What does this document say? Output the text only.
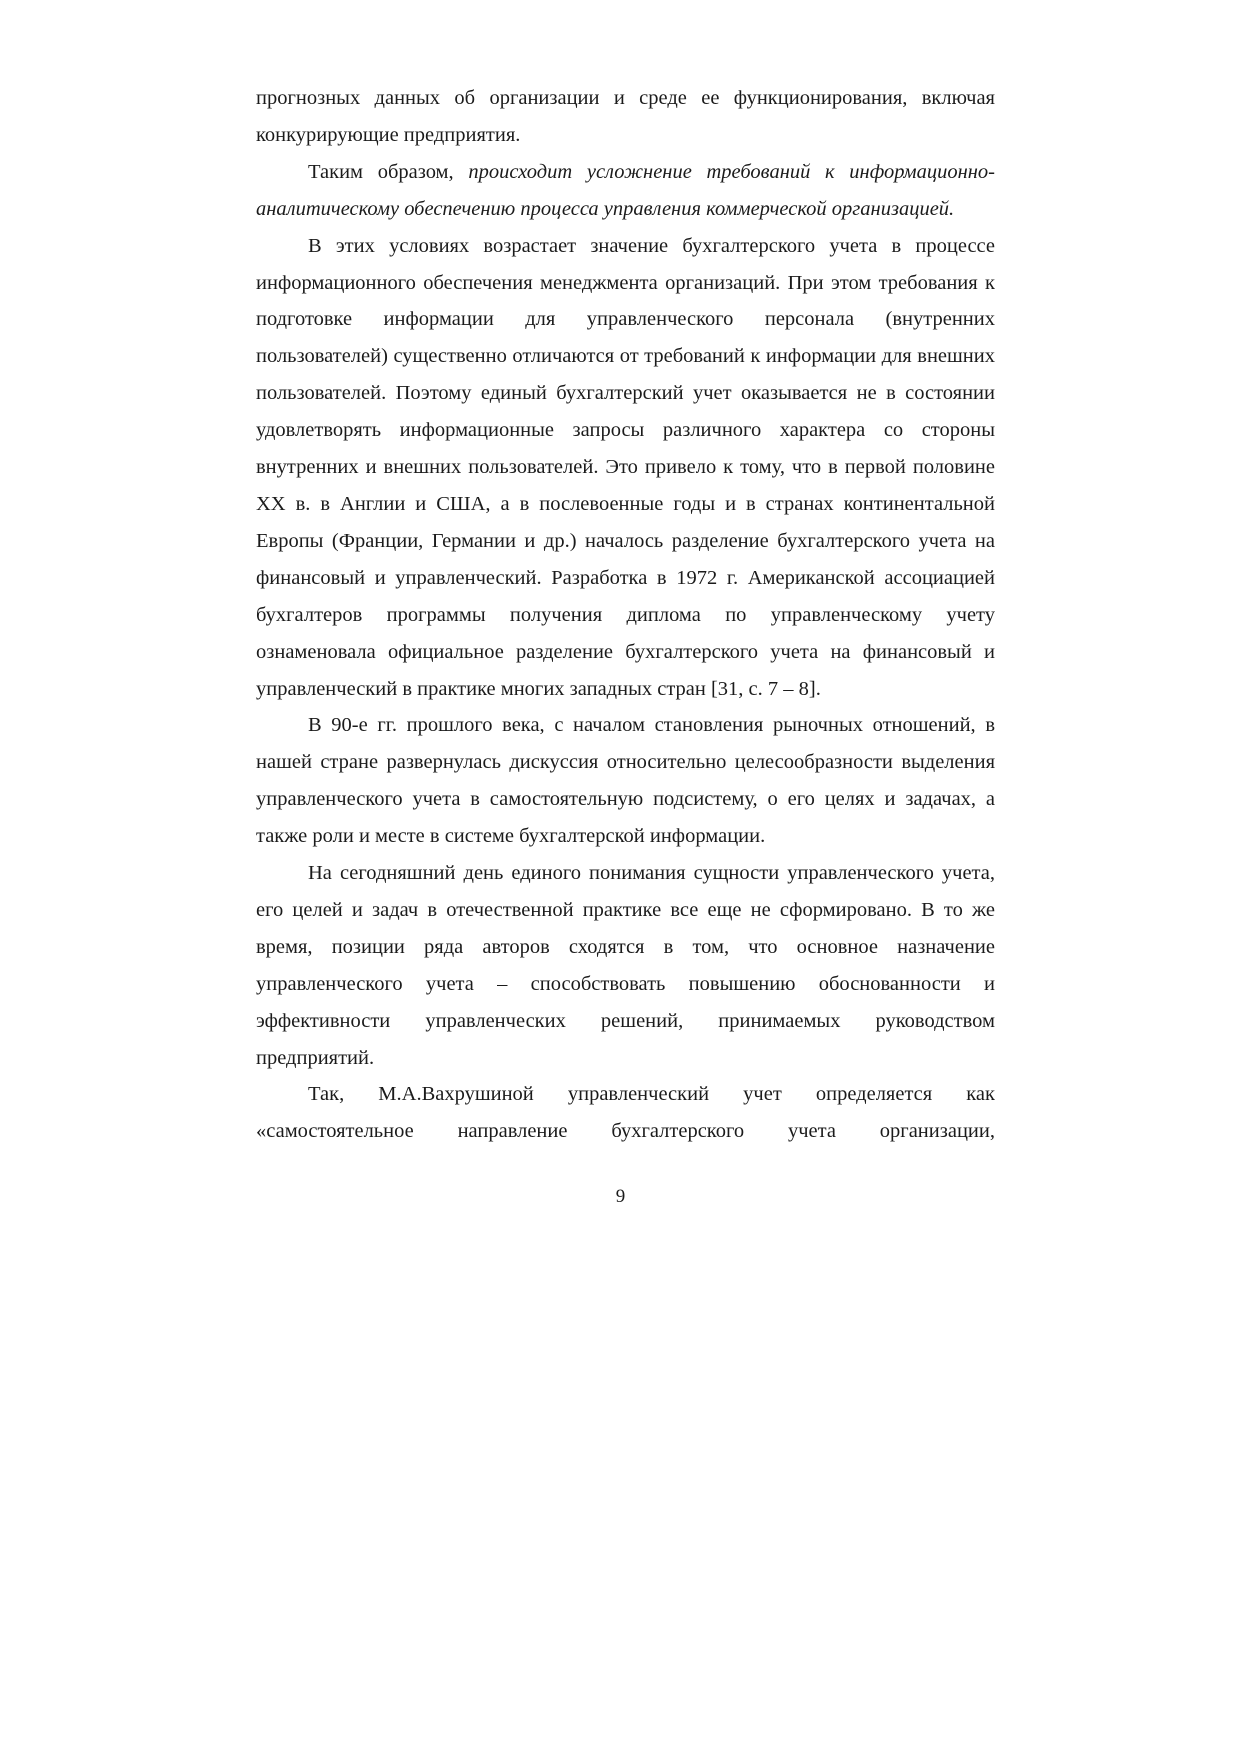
прогнозных данных об организации и среде ее функционирования, включая конкурирующие предприятия.

Таким образом, происходит усложнение требований к информационно-аналитическому обеспечению процесса управления коммерческой организацией.

В этих условиях возрастает значение бухгалтерского учета в процессе информационного обеспечения менеджмента организаций. При этом требования к подготовке информации для управленческого персонала (внутренних пользователей) существенно отличаются от требований к информации для внешних пользователей. Поэтому единый бухгалтерский учет оказывается не в состоянии удовлетворять информационные запросы различного характера со стороны внутренних и внешних пользователей. Это привело к тому, что в первой половине XX в. в Англии и США, а в послевоенные годы и в странах континентальной Европы (Франции, Германии и др.) началось разделение бухгалтерского учета на финансовый и управленческий. Разработка в 1972 г. Американской ассоциацией бухгалтеров программы получения диплома по управленческому учету ознаменовала официальное разделение бухгалтерского учета на финансовый и управленческий в практике многих западных стран [31, с. 7 – 8].

В 90-е гг. прошлого века, с началом становления рыночных отношений, в нашей стране развернулась дискуссия относительно целесообразности выделения управленческого учета в самостоятельную подсистему, о его целях и задачах, а также роли и месте в системе бухгалтерской информации.

На сегодняшний день единого понимания сущности управленческого учета, его целей и задач в отечественной практике все еще не сформировано. В то же время, позиции ряда авторов сходятся в том, что основное назначение управленческого учета – способствовать повышению обоснованности и эффективности управленческих решений, принимаемых руководством предприятий.

Так, М.А.Вахрушиной управленческий учет определяется как «самостоятельное направление бухгалтерского учета организации,

9
